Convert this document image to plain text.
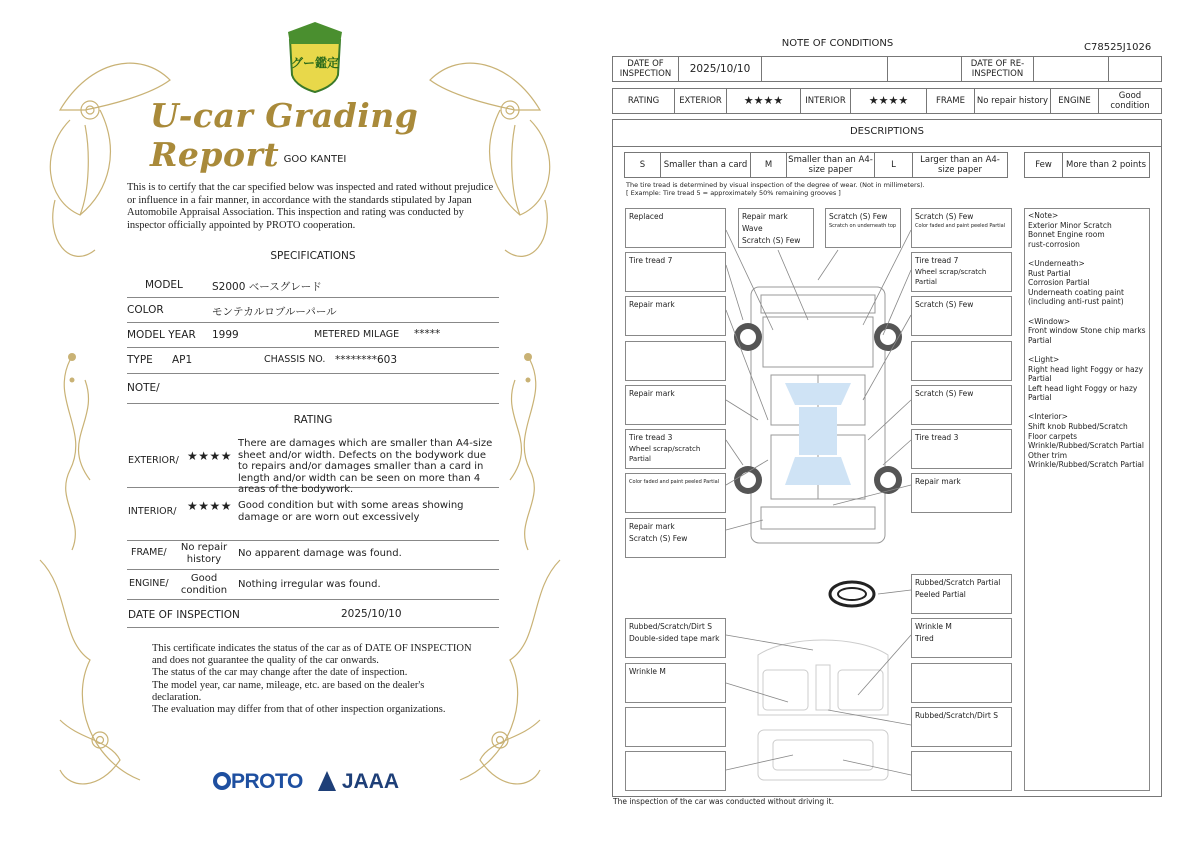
グー鑑定
U-car Grading Report GOO KANTEI
This is to certify that the car specified below was inspected and rated without prejudice or influence in a fair manner, in accordance with the standards stipulated by Japan Automobile Appraisal Association. This inspection and rating was conducted by inspector officially appointed by PROTO cooperation.
SPECIFICATIONS
MODEL	S2000 ベースグレード
COLOR	モンテカルロブルーパール
MODEL YEAR 1999	METERED MILAGE *****
TYPE AP1	CHASSIS NO. ********603
NOTE/
RATING
EXTERIOR/ ★★★★
There are damages which are smaller than A4-size sheet and/or width. Defects on the bodywork due to repairs and/or damages smaller than a card in length and/or width can be seen on more than 4 areas of the bodywork.
INTERIOR/ ★★★★ Good condition but with some areas showing damage or are worn out excessively
FRAME/	No repair history	No apparent damage was found.
ENGINE/	Good condition	Nothing irregular was found.
DATE OF INSPECTION	2025/10/10
This certificate indicates the status of the car as of DATE OF INSPECTION and does not guarantee the quality of the car onwards.
The status of the car may change after the date of inspection.
The model year, car name, mileage, etc. are based on the dealer's declaration.
The evaluation may differ from that of other inspection organizations.
PROTO	JAAA
NOTE OF CONDITIONS	C78525J1026
DATE OF INSPECTION	2025/10/10	DATE OF RE-INSPECTION
RATING	EXTERIOR	★★★★	INTERIOR	★★★★	FRAME	No repair history	ENGINE	Good condition
DESCRIPTIONS
S	Smaller than a card	M	Smaller than an A4-size paper	L	Larger than an A4-size paper	Few	More than 2 points
The tire tread is determined by visual inspection of the degree of wear. (Not in millimeters).
[ Example: Tire tread 5 = approximately 50% remaining grooves ]
Replaced
Tire tread 7
Repair mark
Repair mark
Tire tread 3
Wheel scrap/scratch Partial
Color faded and paint peeled Partial
Repair mark
Scratch (S) Few
Rubbed/Scratch/Dirt S
Double-sided tape mark
Wrinkle M
Repair mark Wave
Scratch (S) Few
Scratch (S) Few
Scratch on underneath top
Scratch (S) Few
Color faded and paint peeled Partial
Tire tread 7
Wheel scrap/scratch Partial
Scratch (S) Few
Scratch (S) Few
Tire tread 3
Repair mark
Rubbed/Scratch Partial
Peeled Partial
Wrinkle M
Tired
Rubbed/Scratch/Dirt S

<Note>
Exterior Minor Scratch
Bonnet Engine room
rust-corrosion

<Underneath>
Rust Partial
Corrosion Partial
Underneath coating paint (including anti-rust paint)

<Window>
Front window Stone chip marks Partial

<Light>
Right head light Foggy or hazy Partial
Left head light Foggy or hazy Partial

<Interior>
Shift knob Rubbed/Scratch
Floor carpets
Wrinkle/Rubbed/Scratch Partial
Other trim
Wrinkle/Rubbed/Scratch Partial

The inspection of the car was conducted without driving it.
